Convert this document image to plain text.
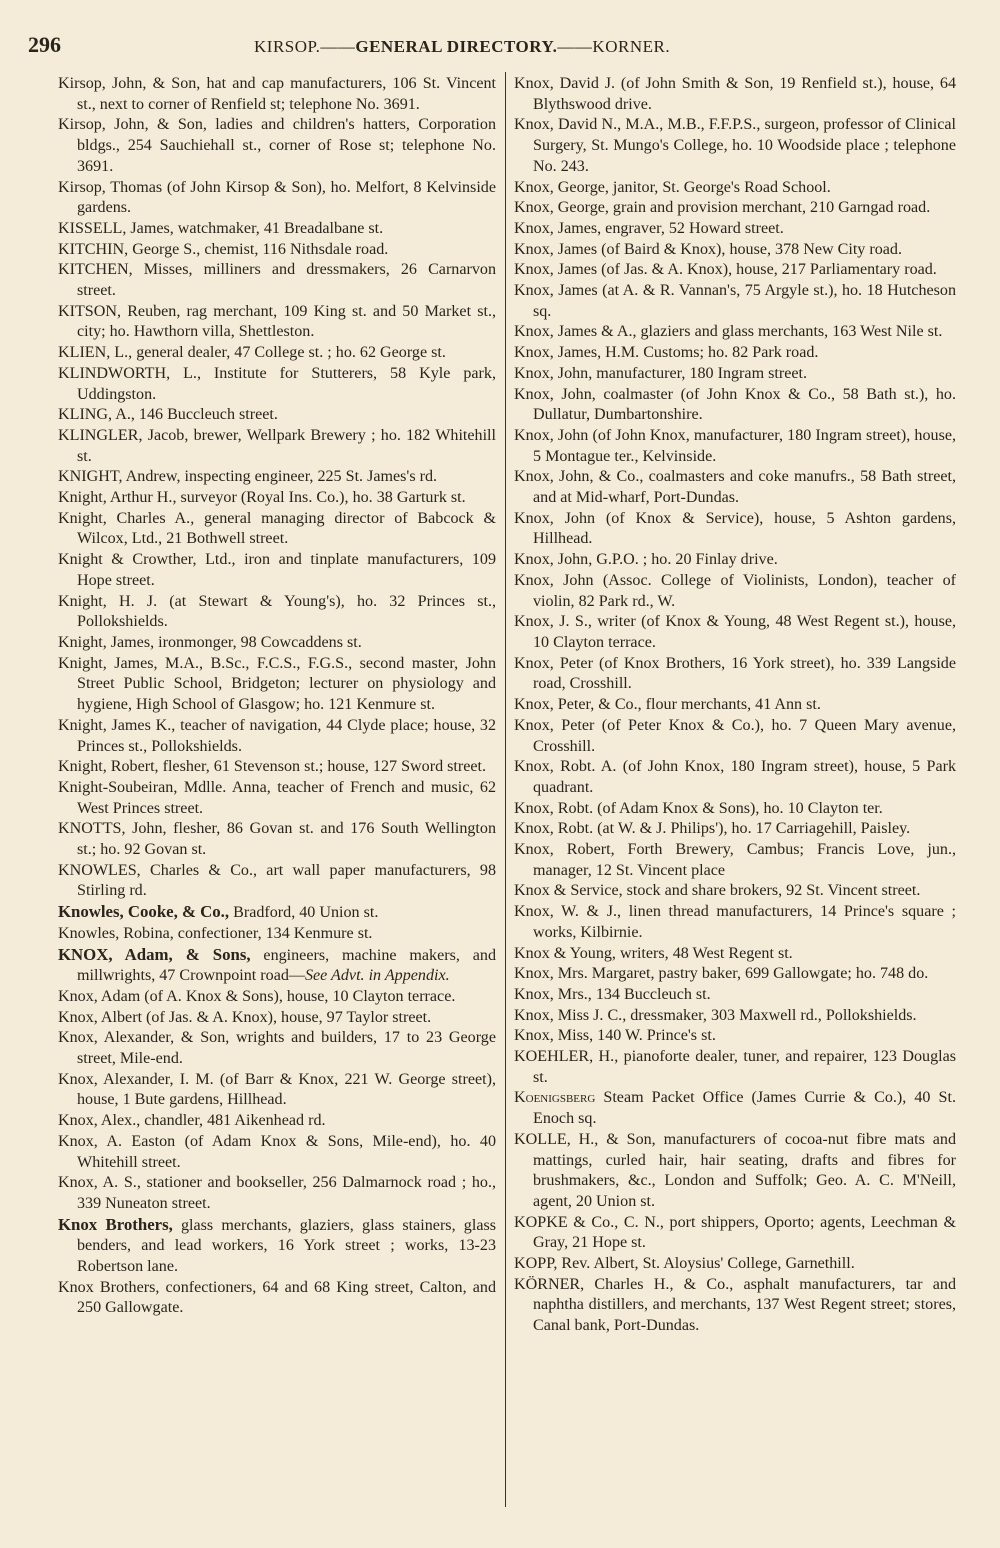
296	KIRSOP.——GENERAL DIRECTORY.——KORNER.

Kirsop, John, & Son, hat and cap manufacturers, 106 St. Vincent st., next to corner of Renfield st; telephone No. 3691.

Kirsop, John, & Son, ladies and children's hatters, Corporation bldgs., 254 Sauchiehall st., corner of Rose st; telephone No. 3691.

Kirsop, Thomas (of John Kirsop & Son), ho. Melfort, 8 Kelvinside gardens.

KISSELL, James, watchmaker, 41 Breadalbane st.

KITCHIN, George S., chemist, 116 Nithsdale road.

KITCHEN, Misses, milliners and dressmakers, 26 Carnarvon street.

KITSON, Reuben, rag merchant, 109 King st. and 50 Market st., city; ho. Hawthorn villa, Shettleston.

KLIEN, L., general dealer, 47 College st. ; ho. 62 George st.

KLINDWORTH, L., Institute for Stutterers, 58 Kyle park, Uddingston.

KLING, A., 146 Buccleuch street.

KLINGLER, Jacob, brewer, Wellpark Brewery ; ho. 182 Whitehill st.

KNIGHT, Andrew, inspecting engineer, 225 St. James's rd.

Knight, Arthur H., surveyor (Royal Ins. Co.), ho. 38 Garturk st.

Knight, Charles A., general managing director of Babcock & Wilcox, Ltd., 21 Bothwell street.

Knight & Crowther, Ltd., iron and tinplate manufacturers, 109 Hope street.

Knight, H. J. (at Stewart & Young's), ho. 32 Princes st., Pollokshields.

Knight, James, ironmonger, 98 Cowcaddens st.

Knight, James, M.A., B.Sc., F.C.S., F.G.S., second master, John Street Public School, Bridgeton; lecturer on physiology and hygiene, High School of Glasgow; ho. 121 Kenmure st.

Knight, James K., teacher of navigation, 44 Clyde place; house, 32 Princes st., Pollokshields.

Knight, Robert, flesher, 61 Stevenson st.; house, 127 Sword street.

Knight-Soubeiran, Mdlle. Anna, teacher of French and music, 62 West Princes street.

KNOTTS, John, flesher, 86 Govan st. and 176 South Wellington st.; ho. 92 Govan st.

KNOWLES, Charles & Co., art wall paper manufacturers, 98 Stirling rd.

Knowles, Cooke, & Co., Bradford, 40 Union st.

Knowles, Robina, confectioner, 134 Kenmure st.

KNOX, Adam, & Sons, engineers, machine makers, and millwrights, 47 Crownpoint road—See Advt. in Appendix.

Knox, Adam (of A. Knox & Sons), house, 10 Clayton terrace.

Knox, Albert (of Jas. & A. Knox), house, 97 Taylor street.

Knox, Alexander, & Son, wrights and builders, 17 to 23 George street, Mile-end.

Knox, Alexander, I. M. (of Barr & Knox, 221 W. George street), house, 1 Bute gardens, Hillhead.

Knox, Alex., chandler, 481 Aikenhead rd.

Knox, A. Easton (of Adam Knox & Sons, Mile-end), ho. 40 Whitehill street.

Knox, A. S., stationer and bookseller, 256 Dalmarnock road ; ho., 339 Nuneaton street.

Knox Brothers, glass merchants, glaziers, glass stainers, glass benders, and lead workers, 16 York street ; works, 13-23 Robertson lane.

Knox Brothers, confectioners, 64 and 68 King street, Calton, and 250 Gallowgate.

Knox, David J. (of John Smith & Son, 19 Renfield st.), house, 64 Blythswood drive.

Knox, David N., M.A., M.B., F.F.P.S., surgeon, professor of Clinical Surgery, St. Mungo's College, ho. 10 Woodside place ; telephone No. 243.

Knox, George, janitor, St. George's Road School.

Knox, George, grain and provision merchant, 210 Garngad road.

Knox, James, engraver, 52 Howard street.

Knox, James (of Baird & Knox), house, 378 New City road.

Knox, James (of Jas. & A. Knox), house, 217 Parliamentary road.

Knox, James (at A. & R. Vannan's, 75 Argyle st.), ho. 18 Hutcheson sq.

Knox, James & A., glaziers and glass merchants, 163 West Nile st.

Knox, James, H.M. Customs; ho. 82 Park road.

Knox, John, manufacturer, 180 Ingram street.

Knox, John, coalmaster (of John Knox & Co., 58 Bath st.), ho. Dullatur, Dumbartonshire.

Knox, John (of John Knox, manufacturer, 180 Ingram street), house, 5 Montague ter., Kelvinside.

Knox, John, & Co., coalmasters and coke manufrs., 58 Bath street, and at Mid-wharf, Port-Dundas.

Knox, John (of Knox & Service), house, 5 Ashton gardens, Hillhead.

Knox, John, G.P.O. ; ho. 20 Finlay drive.

Knox, John (Assoc. College of Violinists, London), teacher of violin, 82 Park rd., W.

Knox, J. S., writer (of Knox & Young, 48 West Regent st.), house, 10 Clayton terrace.

Knox, Peter (of Knox Brothers, 16 York street), ho. 339 Langside road, Crosshill.

Knox, Peter, & Co., flour merchants, 41 Ann st.

Knox, Peter (of Peter Knox & Co.), ho. 7 Queen Mary avenue, Crosshill.

Knox, Robt. A. (of John Knox, 180 Ingram street), house, 5 Park quadrant.

Knox, Robt. (of Adam Knox & Sons), ho. 10 Clayton ter.

Knox, Robt. (at W. & J. Philips'), ho. 17 Carriagehill, Paisley.

Knox, Robert, Forth Brewery, Cambus; Francis Love, jun., manager, 12 St. Vincent place

Knox & Service, stock and share brokers, 92 St. Vincent street.

Knox, W. & J., linen thread manufacturers, 14 Prince's square ; works, Kilbirnie.

Knox & Young, writers, 48 West Regent st.

Knox, Mrs. Margaret, pastry baker, 699 Gallowgate; ho. 748 do.

Knox, Mrs., 134 Buccleuch st.

Knox, Miss J. C., dressmaker, 303 Maxwell rd., Pollokshields.

Knox, Miss, 140 W. Prince's st.

KOEHLER, H., pianoforte dealer, tuner, and repairer, 123 Douglas st.

Koenigsberg Steam Packet Office (James Currie & Co.), 40 St. Enoch sq.

KOLLE, H., & Son, manufacturers of cocoa-nut fibre mats and mattings, curled hair, hair seating, drafts and fibres for brushmakers, &c., London and Suffolk; Geo. A. C. M'Neill, agent, 20 Union st.

KOPKE & Co., C. N., port shippers, Oporto; agents, Leechman & Gray, 21 Hope st.

KOPP, Rev. Albert, St. Aloysius' College, Garnethill.

KÖRNER, Charles H., & Co., asphalt manufacturers, tar and naphtha distillers, and merchants, 137 West Regent street; stores, Canal bank, Port-Dundas.
